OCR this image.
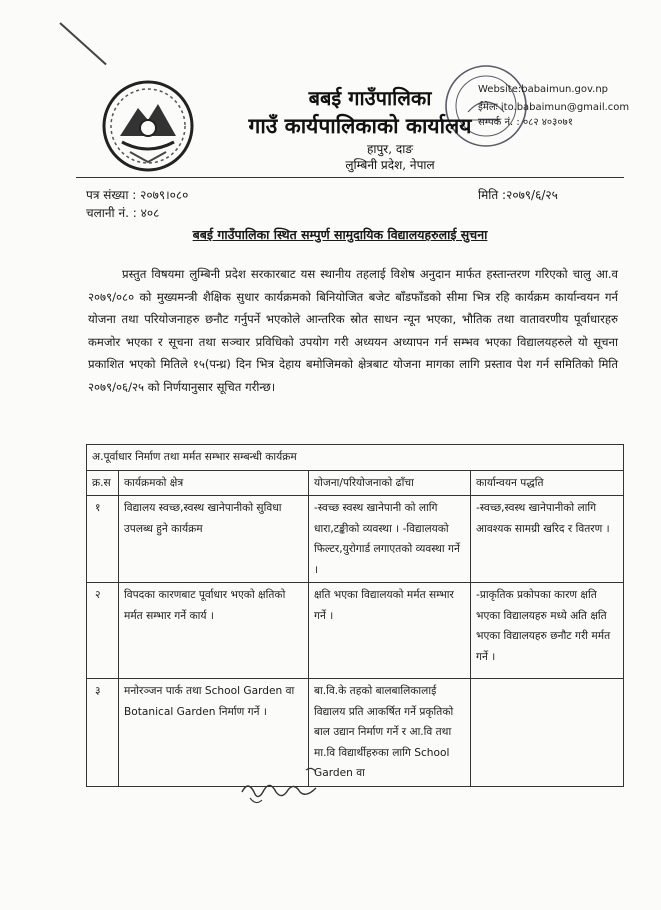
बबई गाउँपालिका
गाउँ कार्यपालिकाको कार्यालय
हापुर, दाङ
लुम्बिनी प्रदेश, नेपाल
Website:babaimun.gov.np
ईमेलः ito.babaimun@gmail.com
सम्पर्क नं. : ०८२ ४०३०७१
पत्र संख्या : २०७९।०८०
चलानी नं. : ४०८
मिति :२०७९/६/२५
बबई गाउँपालिका स्थित सम्पुर्ण सामुदायिक विद्यालयहरुलाई सुचना
प्रस्तुत विषयमा लुम्बिनी प्रदेश सरकारबाट यस स्थानीय तहलाई विशेष अनुदान मार्फत हस्तान्तरण गरिएको चालु आ.व २०७९/०८० को मुख्यमन्त्री शैक्षिक सुधार कार्यक्रमको बिनियोजित बजेट बाँडफाँडको सीमा भित्र रहि कार्यक्रम कार्यान्वयन गर्न योजना तथा परियोजनाहरु छनौट गर्नुपर्ने भएकोले आन्तरिक स्रोत साधन न्यून भएका, भौतिक तथा वातावरणीय पूर्वाधारहरु कमजोर भएका र सूचना तथा सञ्चार प्रविधिको उपयोग गरी अध्ययन अध्यापन गर्न सम्भव भएका विद्यालयहरुले यो सूचना प्रकाशित भएको मितिले १५(पन्ध्र) दिन भित्र देहाय बमोजिमको क्षेत्रबाट योजना मागका लागि प्रस्ताव पेश गर्न समितिको मिति २०७९/०६/२५ को निर्णयानुसार सूचित गरीन्छ।
अ.पूर्वाधार निर्माण तथा मर्मत सम्भार सम्बन्धी कार्यक्रम			
क्र.स	कार्यक्रमको क्षेत्र	योजना/परियोजनाको ढाँचा	कार्यान्वयन पद्धति
१	विद्यालय स्वच्छ,स्वस्थ खानेपानीको सुविधा उपलब्ध हुने कार्यक्रम	-स्वच्छ स्वस्थ खानेपानी को लागि धारा,टङ्कीको व्यवस्था । -विद्यालयको फिल्टर,युरोगार्ड लगाएतको व्यवस्था गर्ने ।	-स्वच्छ,स्वस्थ खानेपानीको लागि आवश्यक सामग्री खरिद र वितरण ।
२	विपदका कारणबाट पूर्वाधार भएको क्षतिको मर्मत सम्भार गर्ने कार्य ।	क्षति भएका विद्यालयको मर्मत सम्भार गर्ने ।	-प्राकृतिक प्रकोपका कारण क्षति भएका विद्यालयहरु मध्ये अति क्षति भएका विद्यालयहरु छनौट गरी मर्मत गर्ने ।
३	मनोरञ्जन पार्क तथा School Garden वा Botanical Garden निर्माण गर्ने ।	बा.वि.के तहको बालबालिकालाई विद्यालय प्रति आकर्षित गर्ने प्रकृतिको बाल उद्यान निर्माण गर्ने र आ.वि तथा मा.वि विद्यार्थीहरुका लागि School Garden वा	
